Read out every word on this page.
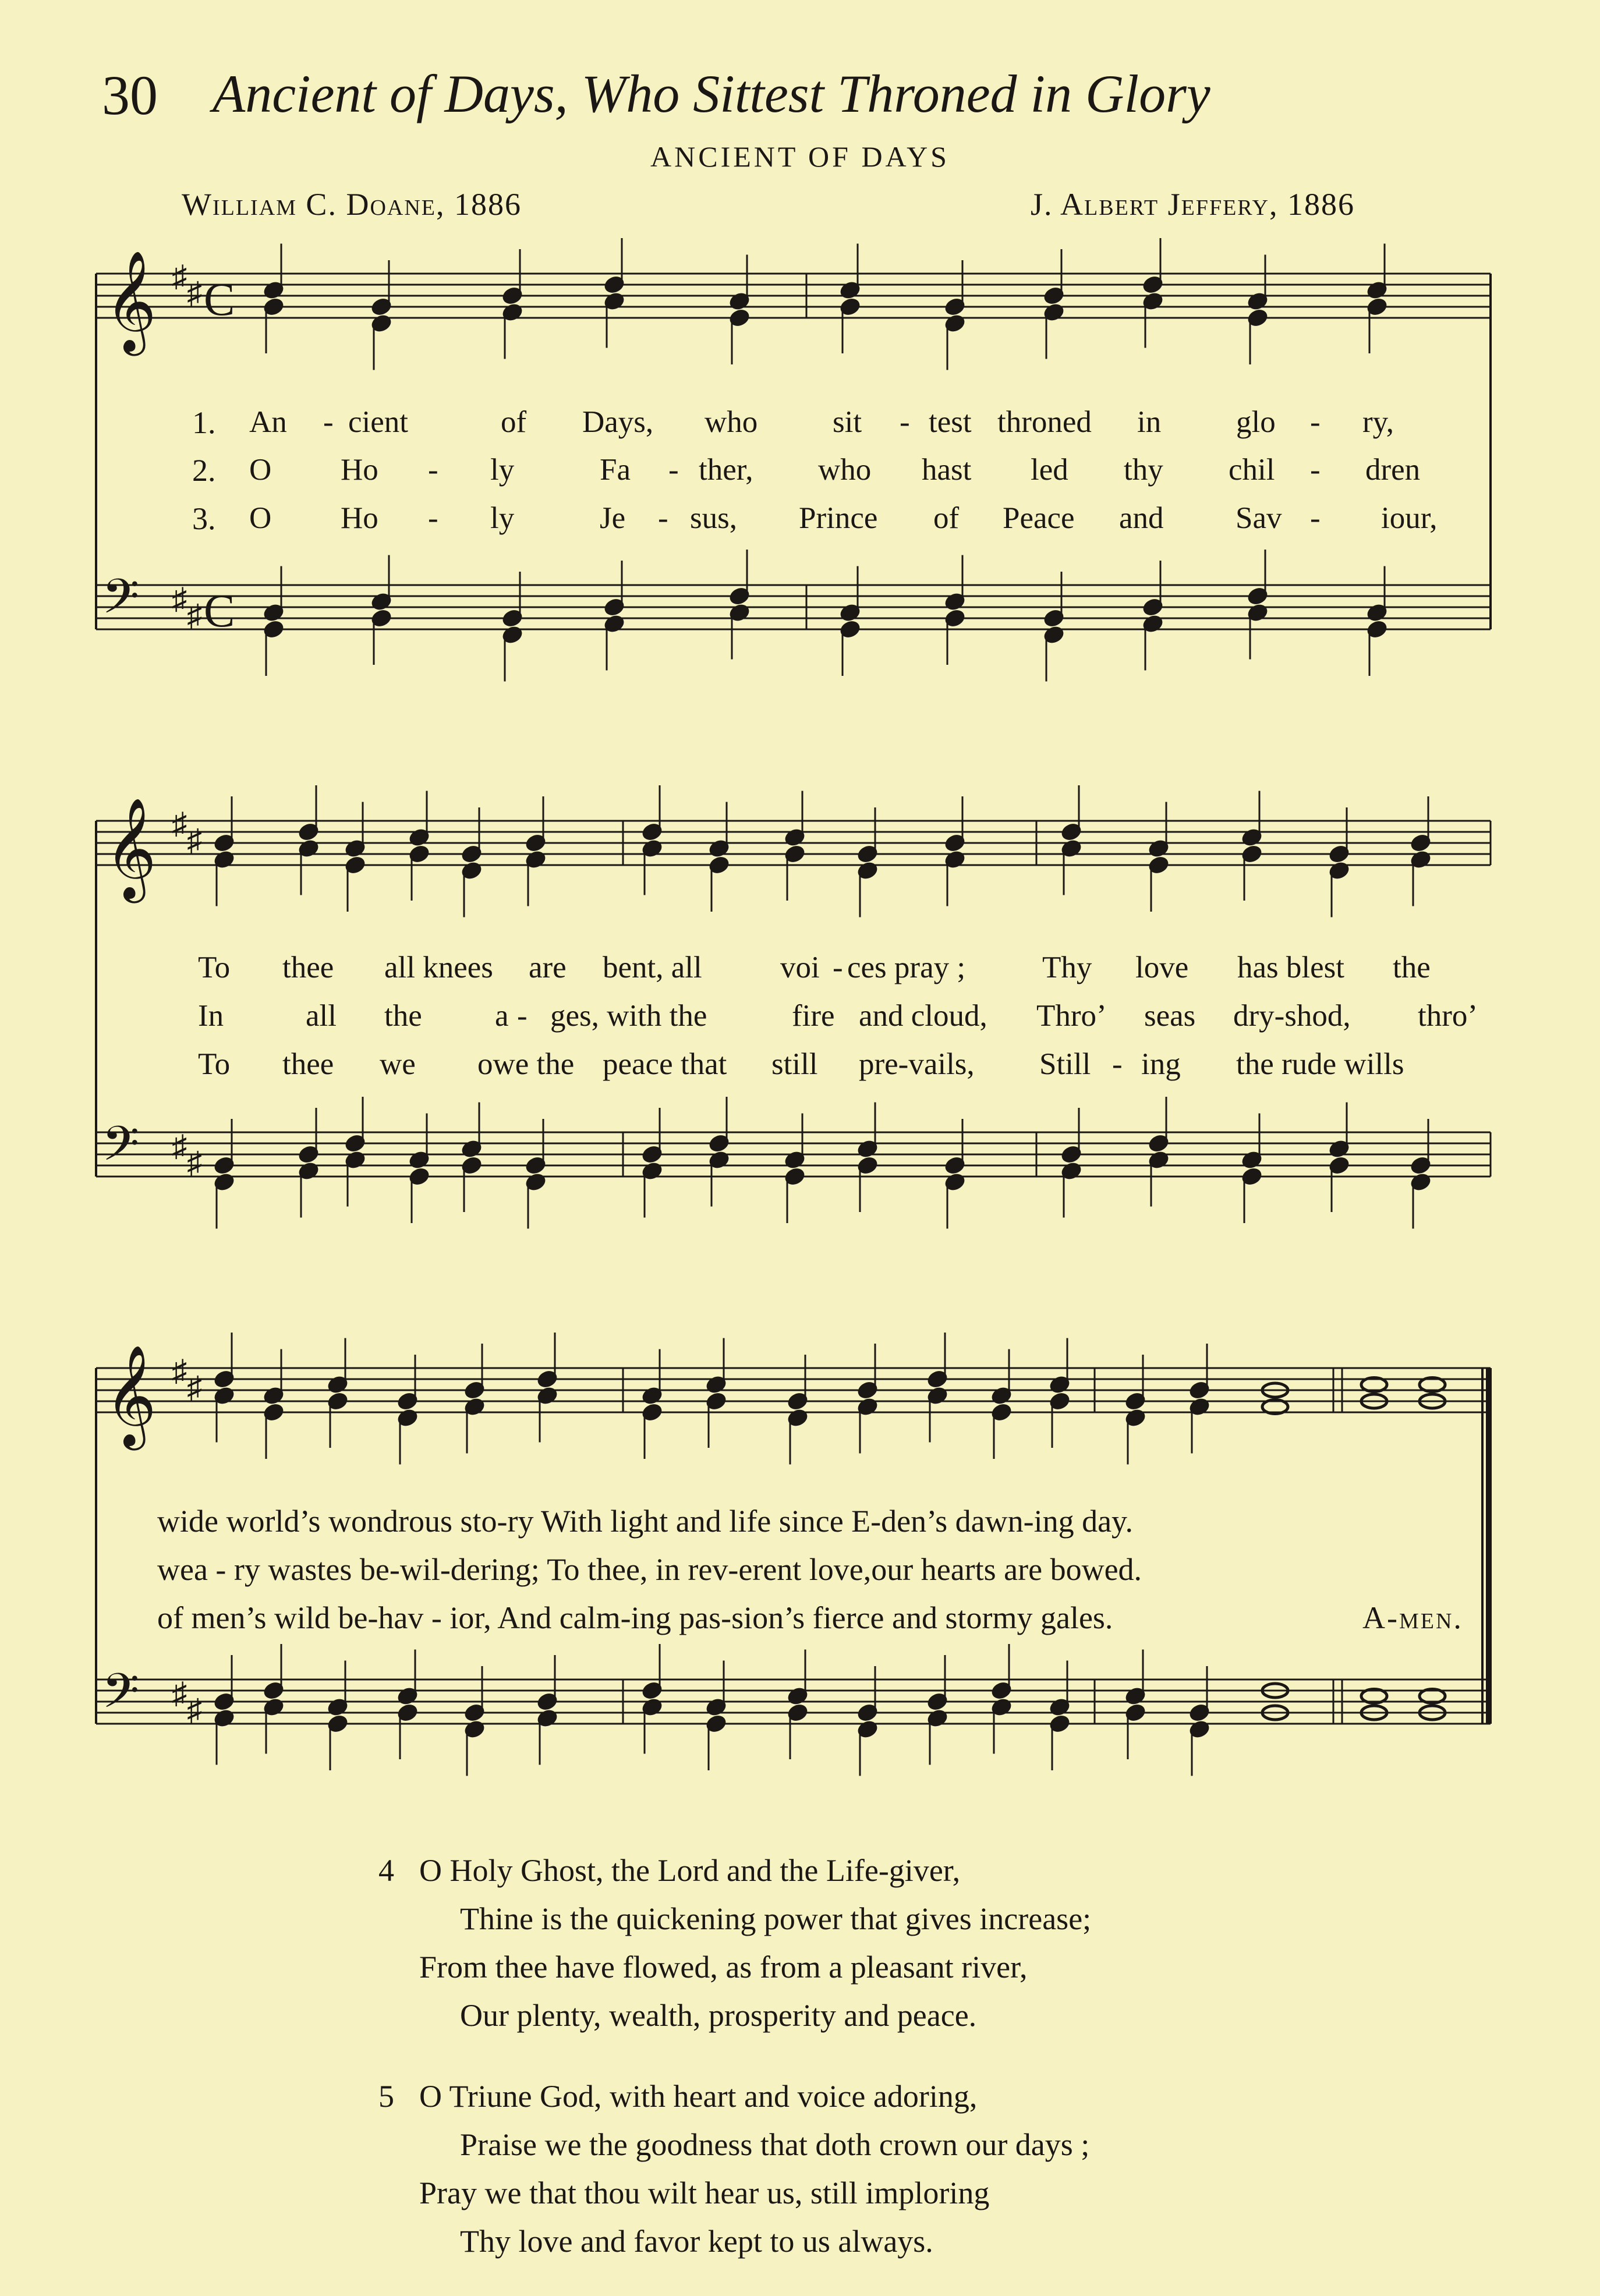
30 Ancient of Days, Who Sittest Throned in Glory
ANCIENT OF DAYS
William C. Doane, 1886	J. Albert Jeffery, 1886
𝄞 ♯ ♯ C
𝄢 ♯ ♯ C
𝄞 ♯ ♯
𝄢 ♯ ♯
𝄞 ♯ ♯
𝄢 ♯ ♯
1.
2.
3.
An - cient	of Days, who sit - test throned in glo - ry,
O Ho - ly	Fa - ther, who hast led thy chil - dren
O Ho - ly	Je - sus, Prince of Peace and Sav - iour,
To thee all knees are bent, all	voi - ces pray ; Thy love has blest the
In	all the a - ges, with the	fire and cloud, Thro’ seas dry-shod, thro’
To thee we owe the peace that still pre-vails, Still - ing the rude wills
wide world’s wondrous sto-ry With light and life since E-den’s dawn-ing day.
wea - ry wastes be-wil-dering; To thee, in rev-erent love,our hearts are bowed.
of men’s wild be-hav - ior, And calm-ing pas-sion’s fierce and stormy gales.	A-men.
4 O Holy Ghost, the Lord and the Life-giver,
Thine is the quickening power that gives increase;
From thee have flowed, as from a pleasant river,
Our plenty, wealth, prosperity and peace.
5 O Triune God, with heart and voice adoring,
Praise we the goodness that doth crown our days ;
Pray we that thou wilt hear us, still imploring
Thy love and favor kept to us always.
